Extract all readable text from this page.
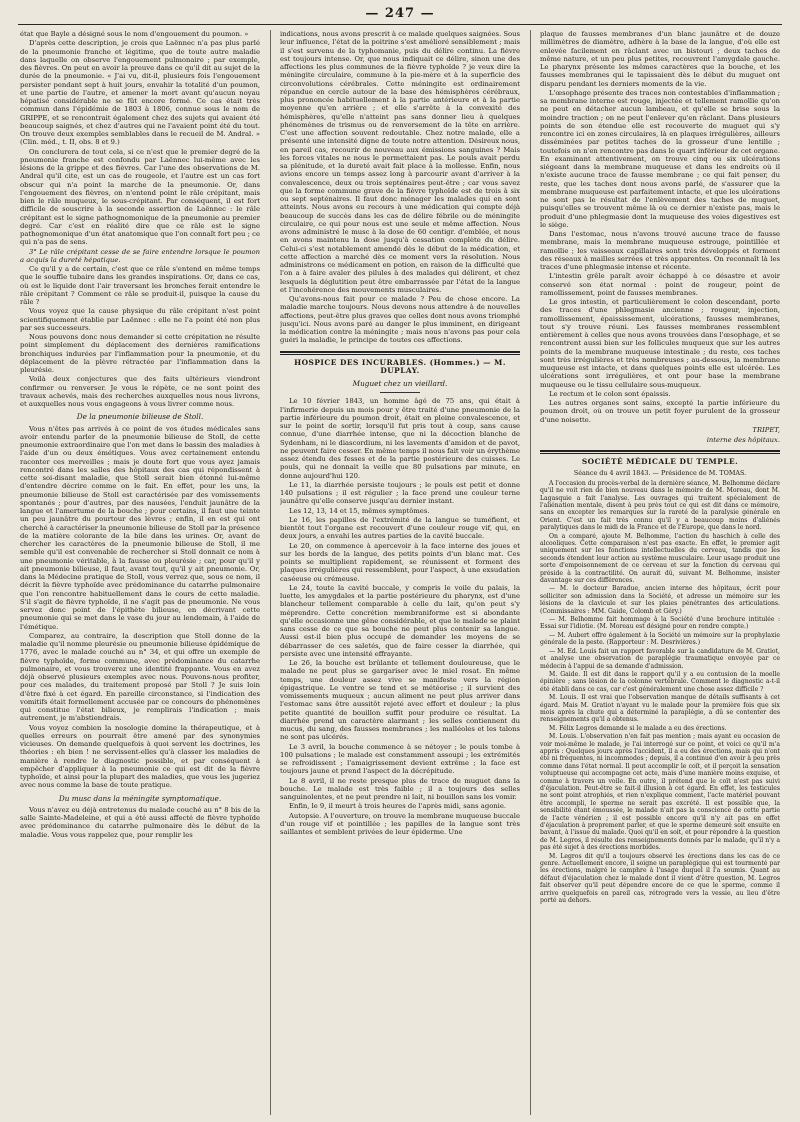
— 247 —

état que Bayle a désigné sous le nom d'engouement du poumon. »

D'après cette description, je crois que Laënnec n'a pas plus parlé de la pneumonie franche et légitime, que de toute autre maladie dans laquelle on observe l'engouement pulmonaire ; par exemple, des fièvres. On peut en avoir la preuve dans ce qu'il dit au sujet de la durée de la pneumonie. « J'ai vu, dit-il, plusieurs fois l'engouement persister pendant sept à huit jours, envahir la totalité d'un poumon, et une partie de l'autre, et amener la mort avant qu'aucun noyau hépatisé considérable ne se fût encore formé. Ce cas était très commun dans l'épidémie de 1803 à 1806, connue sous le nom de GRIPPE, et se rencontrait également chez des sujets qui avaient été beaucoup saignés, et chez d'autres qui ne l'avaient point été du tout. On trouve deux exemples semblables dans le recueil de M. Andral. » (Clin. méd., t. II, obs. 8 et 9.)

On conclurera de tout cela, si ce n'est que le premier degré de la pneumonie franche est confondu par Laënnec lui-même avec les lésions de la grippe et des fièvres. Car l'une des observations de M. Andral qu'il cite, est un cas de rougeole, et l'autre est un cas fort obscur qui n'a point la marche de la pneumonie. Or, dans l'engouement des fièvres, on n'entend point le râle crépitant, mais bien le râle muqueux, le sous-crépitant. Par conséquent, il est fort difficile de souscrire à la seconde assertion de Laënnec : le râle crépitant est le signe pathognomonique de la pneumonie au premier degré. Car c'est en réalité dire que ce râle est le signe pathognomonique d'un état anatomique que l'on connaît fort peu ; ce qui n'a pas de sens.

3° Le râle crépitant cesse de se faire entendre lorsque le poumon a acquis la dureté hépatique.

Ce qu'il y a de certain, c'est que ce râle s'entend en même temps que le souffle tubaire dans les grandes inspirations. Or, dans ce cas, où est le liquide dont l'air traversant les bronches ferait entendre le râle crépitant ? Comment ce râle se produit-il, puisque la cause du râle ?

Vous voyez que la cause physique du râle crépitant n'est point scientifiquement établie par Laënnec : elle ne l'a point été non plus par ses successeurs.

Nous pouvons donc nous demander si cette crépitation ne résulte point simplement du déplacement des dernières ramifications bronchiques indurées par l'inflammation pour la pneumonie, et du déplacement de la plèvre rétractée par l'inflammation dans la pleurésie.

Voilà deux conjectures que des faits ultérieurs viendront confirmer ou renverser. Je vous le répète, ce ne sont point des travaux achevés, mais des recherches auxquelles nous nous livrons, et auxquelles nous vous engageons à vous livrer comme nous.

De la pneumonie bilieuse de Stoll.

Vous n'êtes pas arrivés à ce point de vos études médicales sans avoir entendu parler de la pneumonie bilieuse de Stoll, de cette pneumonie extraordinaire que l'on met dans le bassin des maladies à l'aide d'un ou deux émétiques. Vous avez certainement entendu raconter ces merveilles ; mais je doute fort que vous ayez jamais rencontré dans les salles des hôpitaux des cas qui répondissent à cette soi-disant maladie, que Stoll serait bien étonné lui-même d'entendre décrire comme on le fait. En effet, pour les uns, la pneumonie bilieuse de Stoll est caractérisée par des vomissements spontanés ; pour d'autres, par des nausées, l'enduit jaunâtre de la langue et l'amertume de la bouche ; pour certains, il faut une teinte un peu jaunâtre du pourtour des lèvres ; enfin, il en est qui ont cherché à caractériser la pneumonie bilieuse de Stoll par la présence de la matière colorante de la bile dans les urines. Or, avant de chercher les caractères de la pneumonie bilieuse de Stoll, il me semble qu'il est convenable de rechercher si Stoll donnait ce nom à une pneumonie véritable, à la fausse ou pleurésie ; car, pour qu'il y ait pneumonie bilieuse, il faut, avant tout, qu'il y ait pneumonie. Or, dans la Médecine pratique de Stoll, vous verrez que, sous ce nom, il décrit la fièvre typhoïde avec prédominance du catarrhe pulmonaire que l'on rencontre habituellement dans le cours de cette maladie. S'il s'agit de fièvre typhoïde, il ne s'agit pas de pneumonie. Ne vous servez donc point de l'épithète bilieuse, en décrivant cette pneumonie qui se met dans le vase du jour au lendemain, à l'aide de l'émétique.

Comparez, au contraire, la description que Stoll donne de la maladie qu'il nomme pleurésie ou pneumonie bilieuse épidémique de 1776, avec le malade couché au n° 34, et qui offre un exemple de fièvre typhoïde, forme commune, avec prédominance du catarrhe pulmonaire, et vous trouverez une identité frappante. Vous en avez déjà observé plusieurs exemples avec nous. Pouvons-nous profiter, pour ces malades, du traitement proposé par Stoll ? Je suis loin d'être fixé à cet égard. En pareille circonstance, si l'indication des vomitifs était formellement accusée par ce concours de phénomènes qui constitue l'état bilieux, je remplirais l'indication ; mais autrement, je m'abstiendrais.

Vous voyez combien la nosologie domine la thérapeutique, et à quelles erreurs on pourrait être amené par des synonymies vicieuses. On demande quelquefois à quoi servent les doctrines, les théories : eh bien ! ne servissent-elles qu'à classer les maladies de manière à rendre le diagnostic possible, et par conséquent à empêcher d'appliquer à la pneumonie ce qui est dit de la fièvre typhoïde, et ainsi pour la plupart des maladies, que vous les jugeriez avec nous comme la base de toute pratique.

Du musc dans la méningite symptomatique.

Vous n'avez eu déjà entretenus du malade couché au n° 8 bis de la salle Sainte-Madeleine, et qui a été aussi affecté de fièvre typhoïde avec prédominance du catarrhe pulmonaire dès le début de la maladie. Vous vous rappelez que, pour remplir les

indications, nous avons prescrit à ce malade quelques saignées. Sous leur influence, l'état de la poitrine s'est amélioré sensiblement ; mais il s'est survenu de la typhomanie, puis du délire continu. La fièvre est toujours intense. Or, que nous indiquait ce délire, sinon une des affections les plus communes de la fièvre typhoïde ? je veux dire la méningite circulaire, commune à la pie-mère et à la superficie des circonvolutions cérébrales. Cette méningite est ordinairement répandue en cercle autour de la base des hémisphères cérébraux, plus prononcée habituellement à la partie antérieure et à la partie moyenne qu'en arrière ; et elle s'arrête à la convexité des hémisphères, qu'elle n'atteint pas sans donner lieu à quelques phénomènes de trismus ou de renversement de la tête en arrière. C'est une affection souvent redoutable. Chez notre malade, elle a présenté une intensité digne de toute notre attention. Désireux nous, en pareil cas, recourir de nouveau aux émissions sanguines ? Mais les forces vitales ne nous le permettaient pas. Le pouls avait perdu sa plénitude, et la dureté avait fait place à la mollesse. Enfin, nous avions encore un temps assez long à parcourir avant d'arriver à la convalescence, deux ou trois septénaires peut-être ; car vous savez que la forme commune grave de la fièvre typhoïde est de trois à six ou sept septénaires. Il faut donc ménager les malades qui en sont atteints. Nous avons eu recours à une médication qui compte déjà beaucoup de succès dans les cas de délire fébrile ou de méningite circulaire, ce qui pour nous est une seule et même affection. Nous avons administré le musc à la dose de 60 centigr. d'emblée, et nous en avons maintenu la dose jusqu'à cessation complète du délire. Celui-ci s'est notablement amendé dès le début de la médication, et cette affection a marché dès ce moment vers la résolution. Nous administrons ce médicament en potion, en raison de la difficulté que l'on a à faire avaler des pilules à des malades qui délirent, et chez lesquels la déglutition peut être embarrassée par l'état de la langue et l'incohérence des mouvements musculaires.

Qu'avons-nous fait pour ce malade ? Peu de chose encore. La maladie marche toujours. Nous devons nous attendre à de nouvelles affections, peut-être plus graves que celles dont nous avons triomphé jusqu'ici. Nous avons paré au danger le plus imminent, en dirigeant la médication contre la méningite ; mais nous n'avons pas pour cela guéri la maladie, le principe de toutes ces affections.

HOSPICE DES INCURABLES. (Hommes.) — M. DUPLAY.
Muguet chez un vieillard.

Le 10 février 1843, un homme âgé de 75 ans, qui était à l'infirmerie depuis un mois pour y être traité d'une pneumonie de la partie inférieure du poumon droit, était en pleine convalescence, et sur le point de sortir, lorsqu'il fut pris tout à coup, sans cause connue, d'une diarrhée intense, que ni la décoction blanche de Sydenham, ni le diascordium, ni les lavements d'amidon et de pavot, ne peuvent faire cesser. En même temps il nous fait voir un érythème assez étendu des fesses et de la partie postérieure des cuisses. Le pouls, qui ne donnait la veille que 80 pulsations par minute, en donne aujourd'hui 120.

Le 11, la diarrhée persiste toujours ; le pouls est petit et donne 140 pulsations ; il est régulier ; la face prend une couleur terne jaunâtre qu'elle conserve jusqu'au dernier instant.

Les 12, 13, 14 et 15, mêmes symptômes.

Le 16, les papilles de l'extrémité de la langue se tuméfient, et bientôt tout l'organe est recouvert d'une couleur rouge vif, qui, en deux jours, a envahi les autres parties de la cavité buccale.

Le 20, on commence à apercevoir à la face interne des joues et sur les bords de la langue, des petits points d'un blanc mat. Ces points se multiplient rapidement, se réunissent et forment des plaques irrégulières qui ressemblent, pour l'aspect, à une exsudation caséeuse ou crémeuse.

Le 24, toute la cavité buccale, y compris le voile du palais, la luette, les amygdales et la partie postérieure du pharynx, est d'une blancheur tellement comparable à celle du lait, qu'on peut s'y méprendre. Cette concrétion membraniforme est si abondante qu'elle occasionne une gêne considérable, et que le malade se plaint sans cesse de ce que sa bouche ne peut plus contenir sa langue. Aussi est-il bien plus occupé de demander les moyens de se débarrasser de ces saletés, que de faire cesser la diarrhée, qui persiste avec une intensité effrayante.

Le 26, la bouche est brûlante et tellement douloureuse, que le malade ne peut plus se gargariser avec le miel rosat. En même temps, une douleur assez vive se manifeste vers la région épigastrique. Le ventre se tend et se météorise ; il survient des vomissements muqueux ; aucun aliment ne peut plus arriver dans l'estomac sans être aussitôt rejeté avec effort et douleur ; la plus petite quantité de bouillon suffit pour produire ce résultat. La diarrhée prend un caractère alarmant ; les selles contiennent du mucus, du sang, des fausses membranes ; les malléoles et les talons ne sont pas ulcérés.

Le 3 avril, la bouche commence à se nétoyer ; le pouls tombe à 100 pulsations ; le malade est constamment assoupi ; les extrémités se refroidissent ; l'amaigrissement devient extrême ; la face est toujours jaune et prend l'aspect de la décrépitude.

Le 8 avril, il ne reste presque plus de trace de muguet dans la bouche. Le malade est très faible ; il a toujours des selles sanguinolentes, et ne peut prendre ni lait, ni bouillon sans les vomir.

Enfin, le 9, il meurt à trois heures de l'après midi, sans agonie.

Autopsie. A l'ouverture, on trouve la membrane muqueuse buccale d'un rouge vif et pointillée ; les papilles de la langue sont très saillantes et semblent privées de leur épiderme. Une

plaque de fausses membranes d'un blanc jaunâtre et de douze millimètres de diamètre, adhère à la base de la langue, d'où elle est enlevée facilement en râclant avec un bistouri ; deux taches de même nature, et un peu plus petites, recouvrent l'amygdale gauche. Le pharynx présente les mêmes caractères que la bouche, et les fausses membranes qui le tapissaient dès le début du muguet ont disparu pendant les derniers moments de la vie.

L'œsophage présente des traces non contestables d'inflammation ; sa membrane interne est rouge, injectée et tellement ramollie qu'on ne peut en détacher aucun lambeau, et qu'elle se brise sous la moindre traction ; on ne peut l'enlever qu'en râclant. Dans plusieurs points de son étendue elle est recouverte de muguet qui s'y rencontre ici en zones circulaires, là en plaques irrégulières, ailleurs disséminées par petites taches de la grosseur d'une lentille ; toutefois on n'en rencontre pas dans le quart inférieur de cet organe. En examinant attentivement, on trouve cinq ou six ulcérations siégeant dans la membrane muqueuse et dans les endroits où il n'existe aucune trace de fausse membrane ; ce qui fait penser, du reste, que les taches dont nous avons parlé, de s'assurer que la membrane muqueuse est parfaitement intacte, et que les ulcérations ne sont pas le résultat de l'enlèvement des taches de muguet, puisqu'elles se trouvent même là où ce dernier n'existe pas, mais le produit d'une phlegmasie dont la muqueuse des voies digestives est le siège.

Dans l'estomac, nous n'avons trouvé aucune trace de fausse membrane, mais la membrane muqueuse estrouge, pointillée et ramollie ; les vaisseaux capillaires sont très développés et forment des réseaux à mailles serrées et très apparentes. On reconnaît là les traces d'une phlegmasie intense et récente.

L'intestin grêle paraît avoir échappé à ce désastre et avoir conservé son état normal : point de rougeur, point de ramollissement, point de fausses membranes.

Le gros intestin, et particulièrement le colon descendant, porte des traces d'une phlegmasie ancienne ; rougeur, injection, ramollissement, épaississement, ulcérations, fausses membranes, tout s'y trouve réuni. Les fausses membranes ressemblent entièrement à celles que nous avons trouvées dans l'œsophage, et se rencontrent aussi bien sur les follicules muqueux que sur les autres points de la membrane muqueuse intestinale ; du reste, ces taches sont très irrégulières et très nombreuses ; au-dessous, la membrane muqueuse est intacte, et dans quelques points elle est ulcérée. Les ulcérations sont irrégulières, et ont pour base la membrane muqueuse ou le tissu cellulaire sous-muqueux.

Le rectum et le colon sont épaissis.

Les autres organes sont sains, excepté la partie inférieure du poumon droit, où on trouve un petit foyer purulent de la grosseur d'une noisette.

TRIPET,
interne des hôpitaux.
SOCIÉTÉ MÉDICALE DU TEMPLE.
Séance du 4 avril 1843. — Présidence de M. TOMAS.

A l'occasion du procès-verbal de la dernière séance, M. Belhomme déclare qu'il ne voit rien de bien nouveau dans le mémoire de M. Moreau, dont M. Lagasquie a fait l'analyse. Les ouvrages qui traitent spécialement de l'aliénation mentale, disent à peu près tout ce qui est dit dans ce mémoire, sans en excepter les remarques sur la rareté de la paralysie générale en Orient. C'est un fait très connu qu'il y a beaucoup moins d'aliénés paralytiques dans le midi de la France et de l'Europe, que dans le nord.

On a comparé, ajoute M. Belhomme, l'action du haschich à celle des alcooliques. Cette comparaison n'est pas exacte. En effet, le premier agit uniquement sur les fonctions intellectuelles du cerveau, tandis que les seconds étendent leur action au système musculaire. Leur usage produit une sorte d'empoisonnement de ce cerveau et sur la fonction du cerveau qui préside à la contractilité. On aurait dû, suivant M. Belhomme, insister davantage sur ces différences.

— M. le docteur Baradue, ancien interne des hôpitaux, écrit pour solliciter son admission dans la Société, et adresse un mémoire sur les lésions de la clavicule et sur les plaies pénétrantes des articulations. (Commissaires : MM. Gaide, Colomb et Géry.)

— M. Belhomme fait hommage à la Société d'une brochure intitulée : Essai sur l'idiotie. (M. Moreau est désigné pour en rendre compte.)

— M. Aubert offre également à la Société un mémoire sur la prophylaxie générale de la peste. (Rapporteur : M. Desrivières.)

— M. Ed. Louis fait un rapport favorable sur la candidature de M. Gratiot, et analyse une observation de paraplégie traumatique envoyée par ce médecin à l'appui de sa demande d'admission.

M. Gaide. Il est dit dans le rapport qu'il y a eu contusion de la moelle épinière ; sans lésion de la colonne vertébrale. Comment le diagnostic a-t-il été établi dans ce cas, car c'est généralement une chose assez difficile ?

M. Louis. Il est vrai que l'observation manque de détails suffisants à cet égard. Mais M. Gratiot n'ayant vu le malade pour la première fois que six mois après la chute qui a déterminé la paraplégie, a dû se contenter des renseignements qu'il a obtenus.

M. Félix Legros demande si le malade a eu des érections.

M. Louis. L'observation n'en fait pas mention ; mais ayant eu occasion de voir moi-même le malade, je l'ai interrogé sur ce point, et voici ce qu'il m'a appris : Quelques jours après l'accident, il a eu des érections, mais qui n'ont été ni fréquentes, ni incommodes ; depuis, il a continué d'en avoir à peu près comme dans l'état normal. Il peut accomplir le coït, et il perçoit la sensation voluptueuse qui accompagne cet acte, mais d'une manière moins exquise, et comme à travers un voile. En outre, il prétend que le coït n'est pas suivi d'éjaculation. Peut-être se fait-il illusion à cet égard. En effet, les testicules ne sont point atrophiés, et rien n'explique comment, l'acte matériel pouvant être accompli, le sperme ne serait pas excrété. Il est possible que, la sensibilité étant émoussée, le malade n'ait pas la conscience de cette partie de l'acte vénérien ; il est possible encore qu'il n'y ait pas en effet d'éjaculation à proprement parler, et que le sperme demeuré soit ensuite en bavant, à l'issue du malade. Quoi qu'il en soit, et pour répondre à la question de M. Legros, il résulte des renseignements donnés par le malade, qu'il n'y a pas été sujet à des érections morbides.

M. Legros dit qu'il a toujours observé les érections dans les cas de ce genre. Actuellement encore, il soigne un paraplégique qui est tourmenté par les érections, malgré le camphre à l'usage duquel il l'a soumis. Quant au défaut d'éjaculation chez le malade dont il vient d'être question, M. Legros fait observer qu'il peut dépendre encore de ce que le sperme, comme il arrive quelquefois en pareil cas, rétrograde vers la vessie, au lieu d'être porté au dehors.
